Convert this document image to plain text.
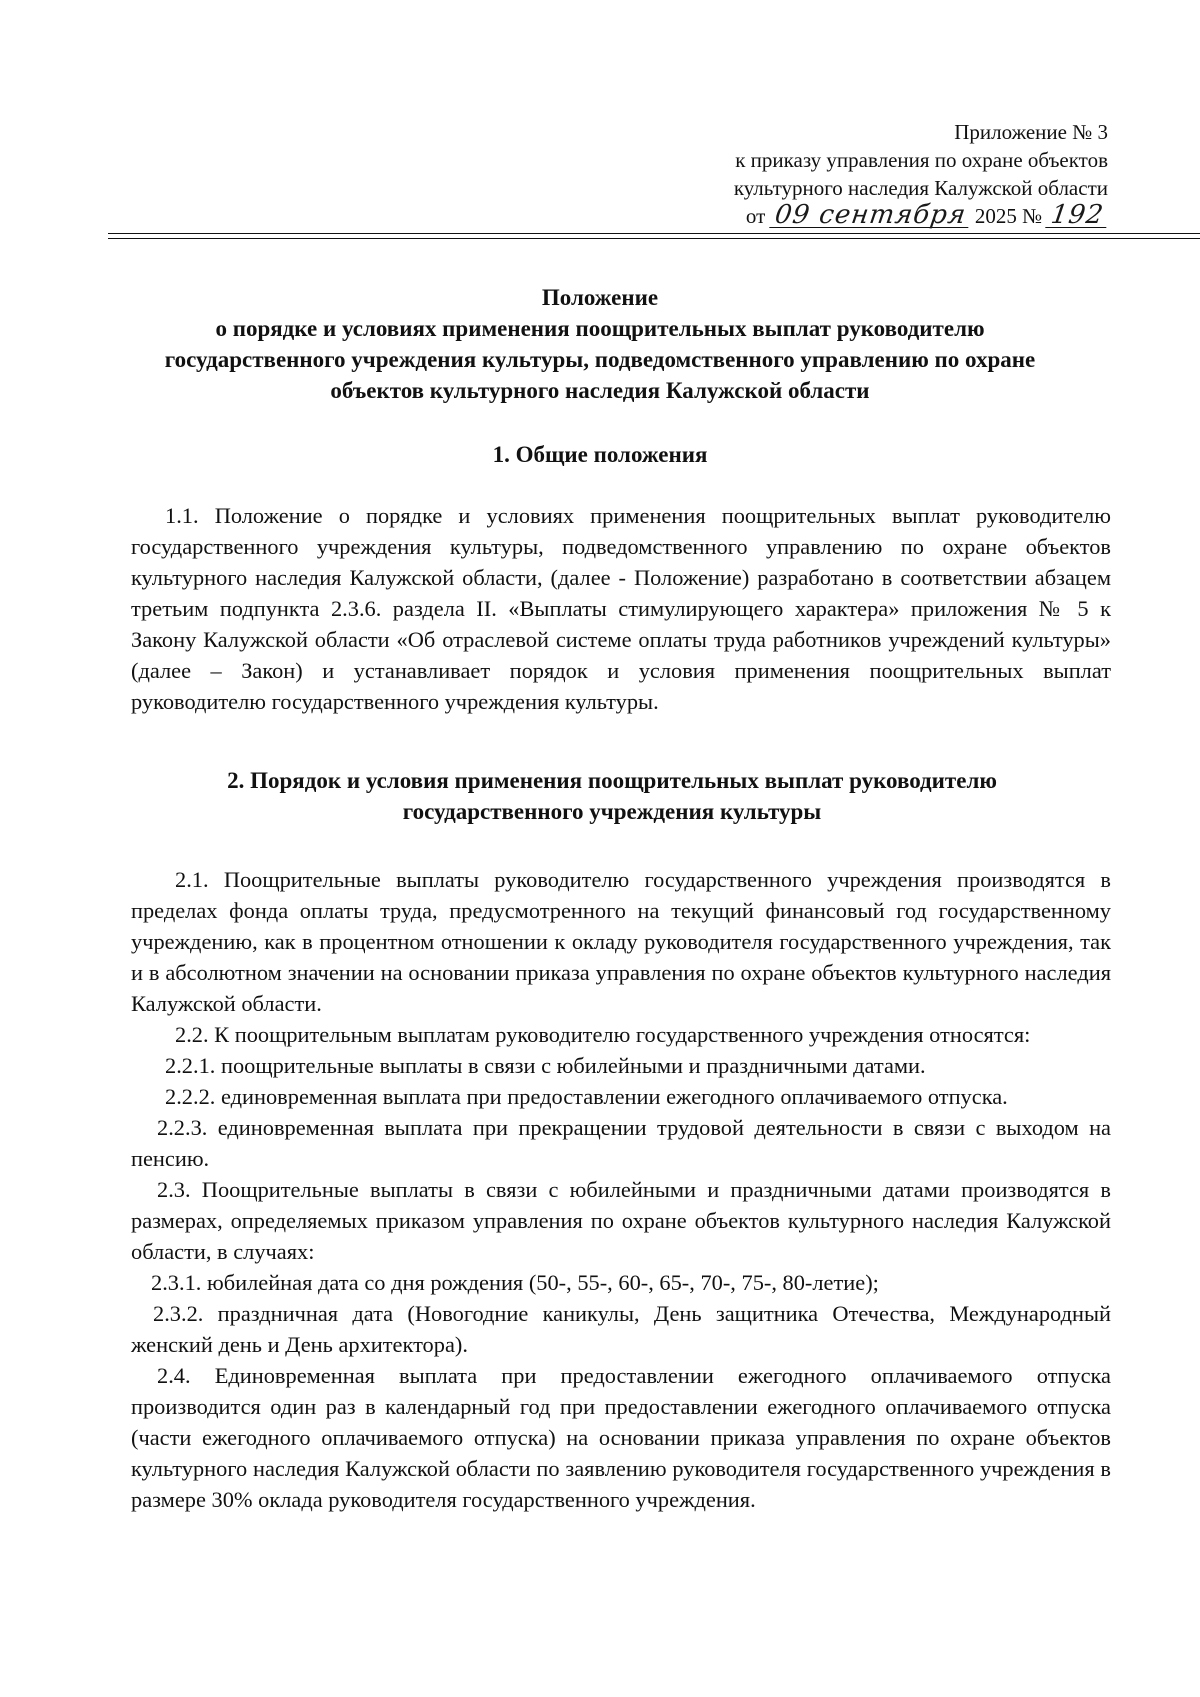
Приложение № 3
к приказу управления по охране объектов
культурного наследия Калужской области
от 09 сентября 2025 № 192
Положение
о порядке и условиях применения поощрительных выплат руководителю
государственного учреждения культуры, подведомственного управлению по охране
объектов культурного наследия Калужской области
1. Общие положения

1.1. Положение о порядке и условиях применения поощрительных выплат руководителю государственного учреждения культуры, подведомственного управлению по охране объектов культурного наследия Калужской области, (далее - Положение) разработано в соответствии абзацем третьим подпункта 2.3.6. раздела II. «Выплаты стимулирующего характера» приложения № 5 к Закону Калужской области «Об отраслевой системе оплаты труда работников учреждений культуры» (далее – Закон) и устанавливает порядок и условия применения поощрительных выплат руководителю государственного учреждения культуры.

2. Порядок и условия применения поощрительных выплат руководителю
государственного учреждения культуры

2.1. Поощрительные выплаты руководителю государственного учреждения производятся в пределах фонда оплаты труда, предусмотренного на текущий финансовый год государственному учреждению, как в процентном отношении к окладу руководителя государственного учреждения, так и в абсолютном значении на основании приказа управления по охране объектов культурного наследия Калужской области.

2.2. К поощрительным выплатам руководителю государственного учреждения относятся:

2.2.1. поощрительные выплаты в связи с юбилейными и праздничными датами.

2.2.2. единовременная выплата при предоставлении ежегодного оплачиваемого отпуска.

2.2.3. единовременная выплата при прекращении трудовой деятельности в связи с выходом на пенсию.

2.3. Поощрительные выплаты в связи с юбилейными и праздничными датами производятся в размерах, определяемых приказом управления по охране объектов культурного наследия Калужской области, в случаях:

2.3.1. юбилейная дата со дня рождения (50-, 55-, 60-, 65-, 70-, 75-, 80-летие);

2.3.2. праздничная дата (Новогодние каникулы, День защитника Отечества, Международный женский день и День архитектора).

2.4. Единовременная выплата при предоставлении ежегодного оплачиваемого отпуска производится один раз в календарный год при предоставлении ежегодного оплачиваемого отпуска (части ежегодного оплачиваемого отпуска) на основании приказа управления по охране объектов культурного наследия Калужской области по заявлению руководителя государственного учреждения в размере 30% оклада руководителя государственного учреждения.
